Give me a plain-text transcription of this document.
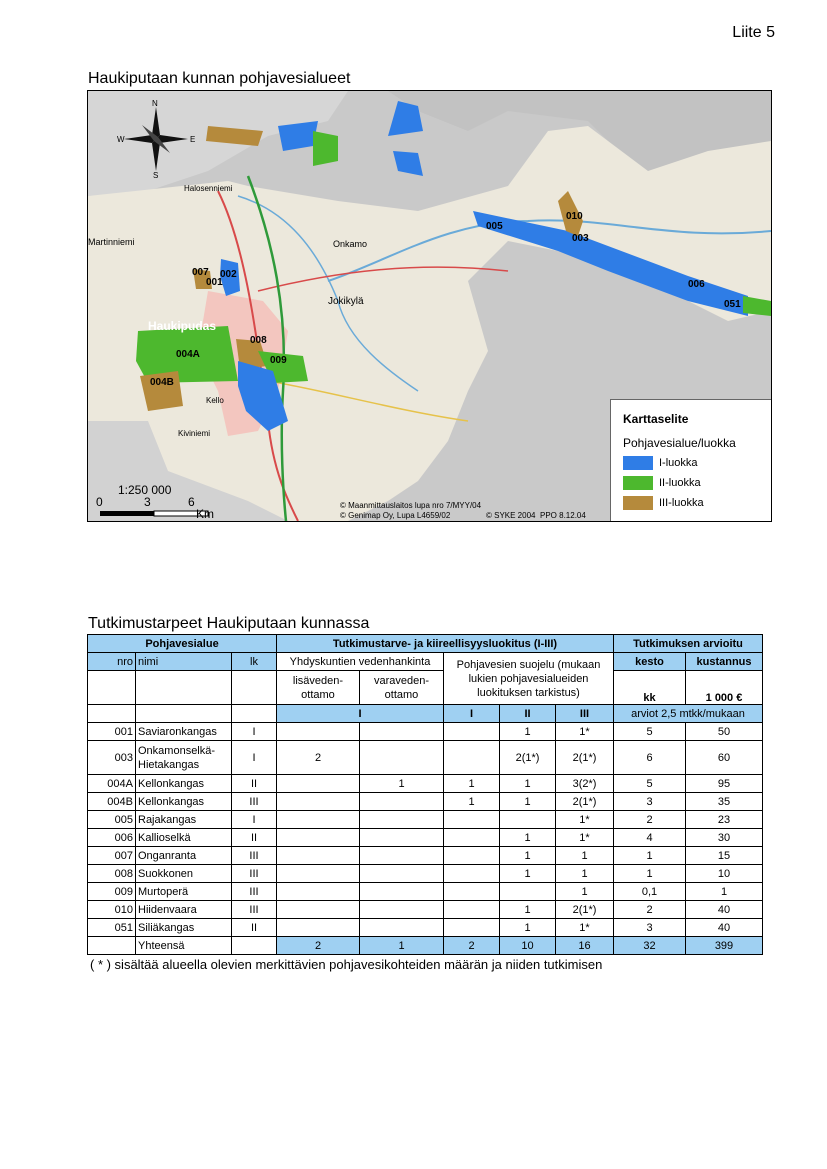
Liite 5
Haukiputaan kunnan pohjavesialueet
N
E
S
W
Haukipudas
Jokikylä
Onkamo
Martinniemi
Halosenniemi
Kello
Kiviniemi
001
002
003
004A
004B
005
006
007
008
009
010
051
1:250 000
0	3	6
Km
© Maanmittauslaitos lupa nro 7/MYY/04
© Genimap Oy, Lupa L4659/02	© SYKE 2004 PPO 8.12.04
Karttaselite
Pohjavesialue/luokka
I-luokka
II-luokka
III-luokka
Tutkimustarpeet Haukiputaan kunnassa
Pohjavesialue			Tutkimustarve- ja kiireellisyysluokitus (I-III)					Tutkimuksen arvioitu	
nro	nimi	lk	Yhdyskuntien vedenhankinta		Pohjavesien suojelu (mukaan lukien pohjavesialueiden luokituksen tarkistus)			kesto	kustannus
			lisäveden-ottamo	varaveden-ottamo				kk	1 000 €
			I		I	II	III	arviot 2,5 mtkk/mukaan	
001	Saviaronkangas	I				1	1*	5	50
003	Onkamonselkä-Hietakangas	I	2			2(1*)	2(1*)	6	60
004A	Kellonkangas	II		1	1	1	3(2*)	5	95
004B	Kellonkangas	III			1	1	2(1*)	3	35
005	Rajakangas	I					1*	2	23
006	Kallioselkä	II				1	1*	4	30
007	Onganranta	III				1	1	1	15
008	Suokkonen	III				1	1	1	10
009	Murtoperä	III					1	0,1	1
010	Hiidenvaara	III				1	2(1*)	2	40
051	Siliäkangas	II				1	1*	3	40
	Yhteensä		2	1	2	10	16	32	399
( * ) sisältää alueella olevien merkittävien pohjavesikohteiden määrän ja niiden tutkimisen
